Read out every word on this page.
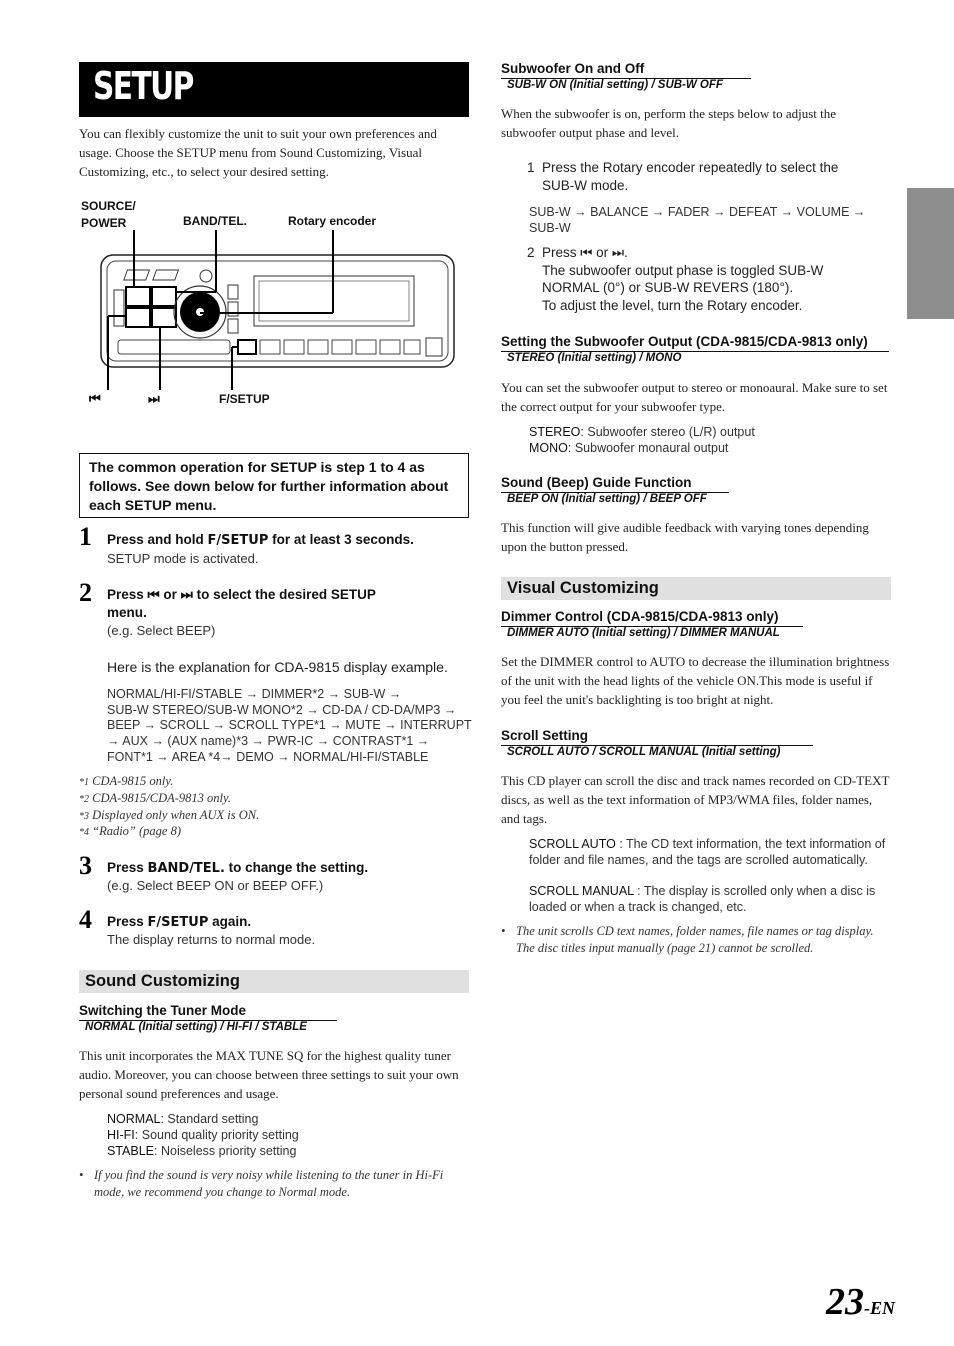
SETUP
You can flexibly customize the unit to suit your own preferences and usage. Choose the SETUP menu from Sound Customizing, Visual Customizing, etc., to select your desired setting.
SOURCE/
POWER	BAND/TEL.	Rotary encoder
⏮	⏭	F/SETUP
The common operation for SETUP is step 1 to 4 as follows. See down below for further information about each SETUP menu.
1 Press and hold F/SETUP for at least 3 seconds.
SETUP mode is activated.
2 Press ⏮ or ⏭ to select the desired SETUP
menu.
(e.g. Select BEEP)
Here is the explanation for CDA-9815 display example.
NORMAL/HI-FI/STABLE → DIMMER*2 → SUB-W →
SUB-W STEREO/SUB-W MONO*2 → CD-DA / CD-DA/MP3 →
BEEP → SCROLL → SCROLL TYPE*1 → MUTE → INTERRUPT
→ AUX → (AUX name)*3 → PWR-IC → CONTRAST*1 →
FONT*1 → AREA *4→ DEMO → NORMAL/HI-FI/STABLE
*1 CDA-9815 only.
*2 CDA-9815/CDA-9813 only.
*3 Displayed only when AUX is ON.
*4 “Radio” (page 8)
3 Press BAND/TEL. to change the setting.
(e.g. Select BEEP ON or BEEP OFF.)
4 Press F/SETUP again.
The display returns to normal mode.
Sound Customizing
Switching the Tuner Mode
NORMAL (Initial setting) / HI-FI / STABLE
This unit incorporates the MAX TUNE SQ for the highest quality tuner audio. Moreover, you can choose between three settings to suit your own personal sound preferences and usage.
NORMAL: Standard setting
HI-FI: Sound quality priority setting
STABLE: Noiseless priority setting
• If you find the sound is very noisy while listening to the tuner in Hi-Fi mode, we recommend you change to Normal mode.
Subwoofer On and Off
SUB-W ON (Initial setting) / SUB-W OFF
When the subwoofer is on, perform the steps below to adjust the subwoofer output phase and level.
1 Press the Rotary encoder repeatedly to select the
SUB-W mode.
SUB-W → BALANCE → FADER → DEFEAT → VOLUME →
SUB-W
2 Press ⏮ or ⏭.
The subwoofer output phase is toggled SUB-W
NORMAL (0°) or SUB-W REVERS (180°).
To adjust the level, turn the Rotary encoder.
Setting the Subwoofer Output (CDA-9815/CDA-9813 only)
STEREO (Initial setting) / MONO
You can set the subwoofer output to stereo or monoaural. Make sure to set the correct output for your subwoofer type.
STEREO: Subwoofer stereo (L/R) output
MONO: Subwoofer monaural output
Sound (Beep) Guide Function
BEEP ON (Initial setting) / BEEP OFF
This function will give audible feedback with varying tones depending upon the button pressed.
Visual Customizing
Dimmer Control (CDA-9815/CDA-9813 only)
DIMMER AUTO (Initial setting) / DIMMER MANUAL
Set the DIMMER control to AUTO to decrease the illumination brightness of the unit with the head lights of the vehicle ON.This mode is useful if you feel the unit's backlighting is too bright at night.
Scroll Setting
SCROLL AUTO / SCROLL MANUAL (Initial setting)
This CD player can scroll the disc and track names recorded on CD-TEXT discs, as well as the text information of MP3/WMA files, folder names, and tags.
SCROLL AUTO : The CD text information, the text information of folder and file names, and the tags are scrolled automatically.
SCROLL MANUAL : The display is scrolled only when a disc is loaded or when a track is changed, etc.
• The unit scrolls CD text names, folder names, file names or tag display. The disc titles input manually (page 21) cannot be scrolled.
23-EN
